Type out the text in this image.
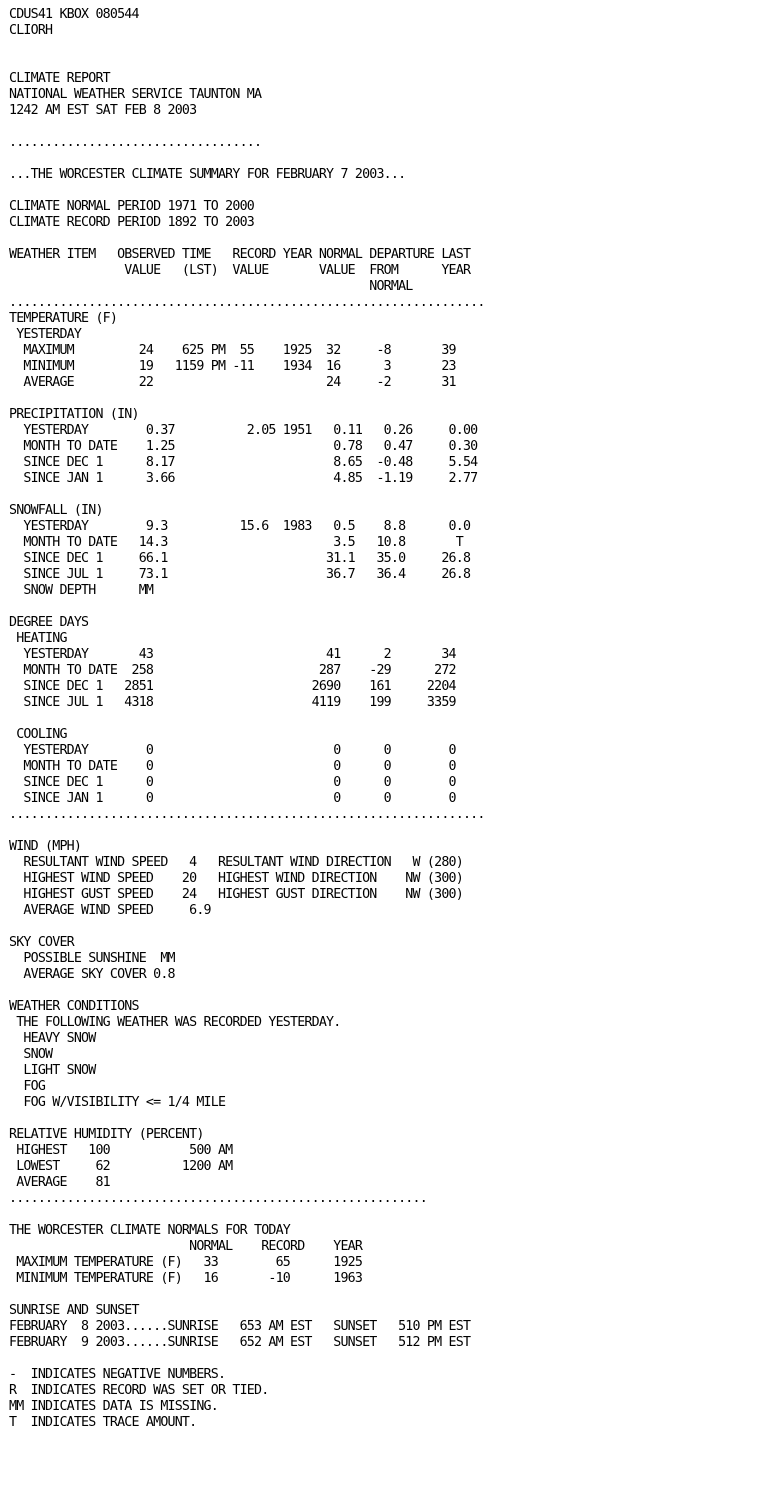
CDUS41 KBOX 080544
CLIORH
CLIMATE REPORT
NATIONAL WEATHER SERVICE TAUNTON MA
1242 AM EST SAT FEB 8 2003
...................................
...THE WORCESTER CLIMATE SUMMARY FOR FEBRUARY 7 2003...
CLIMATE NORMAL PERIOD 1971 TO 2000
CLIMATE RECORD PERIOD 1892 TO 2003
WEATHER ITEM   OBSERVED TIME   RECORD YEAR NORMAL DEPARTURE LAST
VALUE   (LST)  VALUE       VALUE  FROM      YEAR
NORMAL
..................................................................
TEMPERATURE (F)
YESTERDAY
MAXIMUM         24    625 PM  55    1925  32     -8       39
MINIMUM         19   1159 PM -11    1934  16      3       23
AVERAGE         22                        24     -2       31
PRECIPITATION (IN)
YESTERDAY        0.37          2.05 1951   0.11   0.26     0.00
MONTH TO DATE    1.25                      0.78   0.47     0.30
SINCE DEC 1      8.17                      8.65  -0.48     5.54
SINCE JAN 1      3.66                      4.85  -1.19     2.77
SNOWFALL (IN)
YESTERDAY        9.3          15.6  1983   0.5    8.8      0.0
MONTH TO DATE   14.3                       3.5   10.8       T
SINCE DEC 1     66.1                      31.1   35.0     26.8
SINCE JUL 1     73.1                      36.7   36.4     26.8
SNOW DEPTH      MM
DEGREE DAYS
HEATING
YESTERDAY       43                        41      2       34
MONTH TO DATE  258                       287    -29      272
SINCE DEC 1   2851                      2690    161     2204
SINCE JUL 1   4318                      4119    199     3359
COOLING
YESTERDAY        0                         0      0        0
MONTH TO DATE    0                         0      0        0
SINCE DEC 1      0                         0      0        0
SINCE JAN 1      0                         0      0        0
..................................................................
WIND (MPH)
RESULTANT WIND SPEED   4   RESULTANT WIND DIRECTION   W (280)
HIGHEST WIND SPEED    20   HIGHEST WIND DIRECTION    NW (300)
HIGHEST GUST SPEED    24   HIGHEST GUST DIRECTION    NW (300)
AVERAGE WIND SPEED     6.9
SKY COVER
POSSIBLE SUNSHINE  MM
AVERAGE SKY COVER 0.8
WEATHER CONDITIONS
THE FOLLOWING WEATHER WAS RECORDED YESTERDAY.
HEAVY SNOW
SNOW
LIGHT SNOW
FOG
FOG W/VISIBILITY <= 1/4 MILE
RELATIVE HUMIDITY (PERCENT)
HIGHEST   100           500 AM
LOWEST     62          1200 AM
AVERAGE    81
..........................................................
THE WORCESTER CLIMATE NORMALS FOR TODAY
NORMAL    RECORD    YEAR
MAXIMUM TEMPERATURE (F)   33        65      1925
MINIMUM TEMPERATURE (F)   16       -10      1963
SUNRISE AND SUNSET
FEBRUARY  8 2003......SUNRISE   653 AM EST   SUNSET   510 PM EST
FEBRUARY  9 2003......SUNRISE   652 AM EST   SUNSET   512 PM EST
-  INDICATES NEGATIVE NUMBERS.
R  INDICATES RECORD WAS SET OR TIED.
MM INDICATES DATA IS MISSING.
T  INDICATES TRACE AMOUNT.
